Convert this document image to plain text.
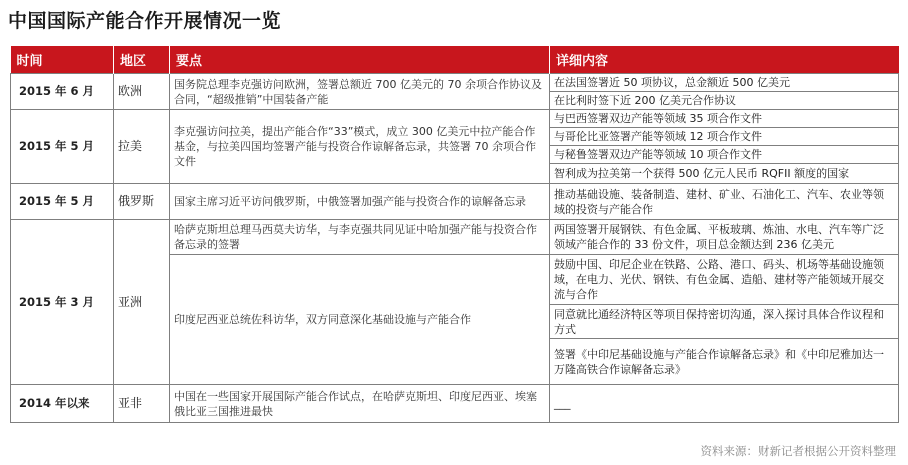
中国国际产能合作开展情况一览
时间	地区	要点	详细内容
2015 年 6 月	欧洲	国务院总理李克强访问欧洲，签署总额近 700 亿美元的 70 余项合作协议及合同，“超级推销”中国装备产能	在法国签署近 50 项协议，总金额近 500 亿美元
			在比利时签下近 200 亿美元合作协议
2015 年 5 月	拉美	李克强访问拉美，提出产能合作“33”模式，成立 300 亿美元中拉产能合作基金，与拉美四国均签署产能与投资合作谅解备忘录，共签署 70 余项合作文件	与巴西签署双边产能等领域 35 项合作文件
			与哥伦比亚签署产能等领域 12 项合作文件
			与秘鲁签署双边产能等领域 10 项合作文件
			智利成为拉美第一个获得 500 亿元人民币 RQFII 额度的国家
2015 年 5 月	俄罗斯	国家主席习近平访问俄罗斯，中俄签署加强产能与投资合作的谅解备忘录	推动基础设施、装备制造、建材、矿业、石油化工、汽车、农业等领域的投资与产能合作
2015 年 3 月	亚洲	哈萨克斯坦总理马西莫夫访华，与李克强共同见证中哈加强产能与投资合作备忘录的签署	两国签署开展钢铁、有色金属、平板玻璃、炼油、水电、汽车等广泛领域产能合作的 33 份文件，项目总金额达到 236 亿美元
		印度尼西亚总统佐科访华，双方同意深化基础设施与产能合作	鼓励中国、印尼企业在铁路、公路、港口、码头、机场等基础设施领域，在电力、光伏、钢铁、有色金属、造船、建材等产能领域开展交流与合作
			同意就比通经济特区等项目保持密切沟通，深入探讨具体合作议程和方式
			签署《中印尼基础设施与产能合作谅解备忘录》和《中印尼雅加达一万隆高铁合作谅解备忘录》
2014 年以来	亚非	中国在一些国家开展国际产能合作试点，在哈萨克斯坦、印度尼西亚、埃塞俄比亚三国推进最快	___
资料来源：财新记者根据公开资料整理
